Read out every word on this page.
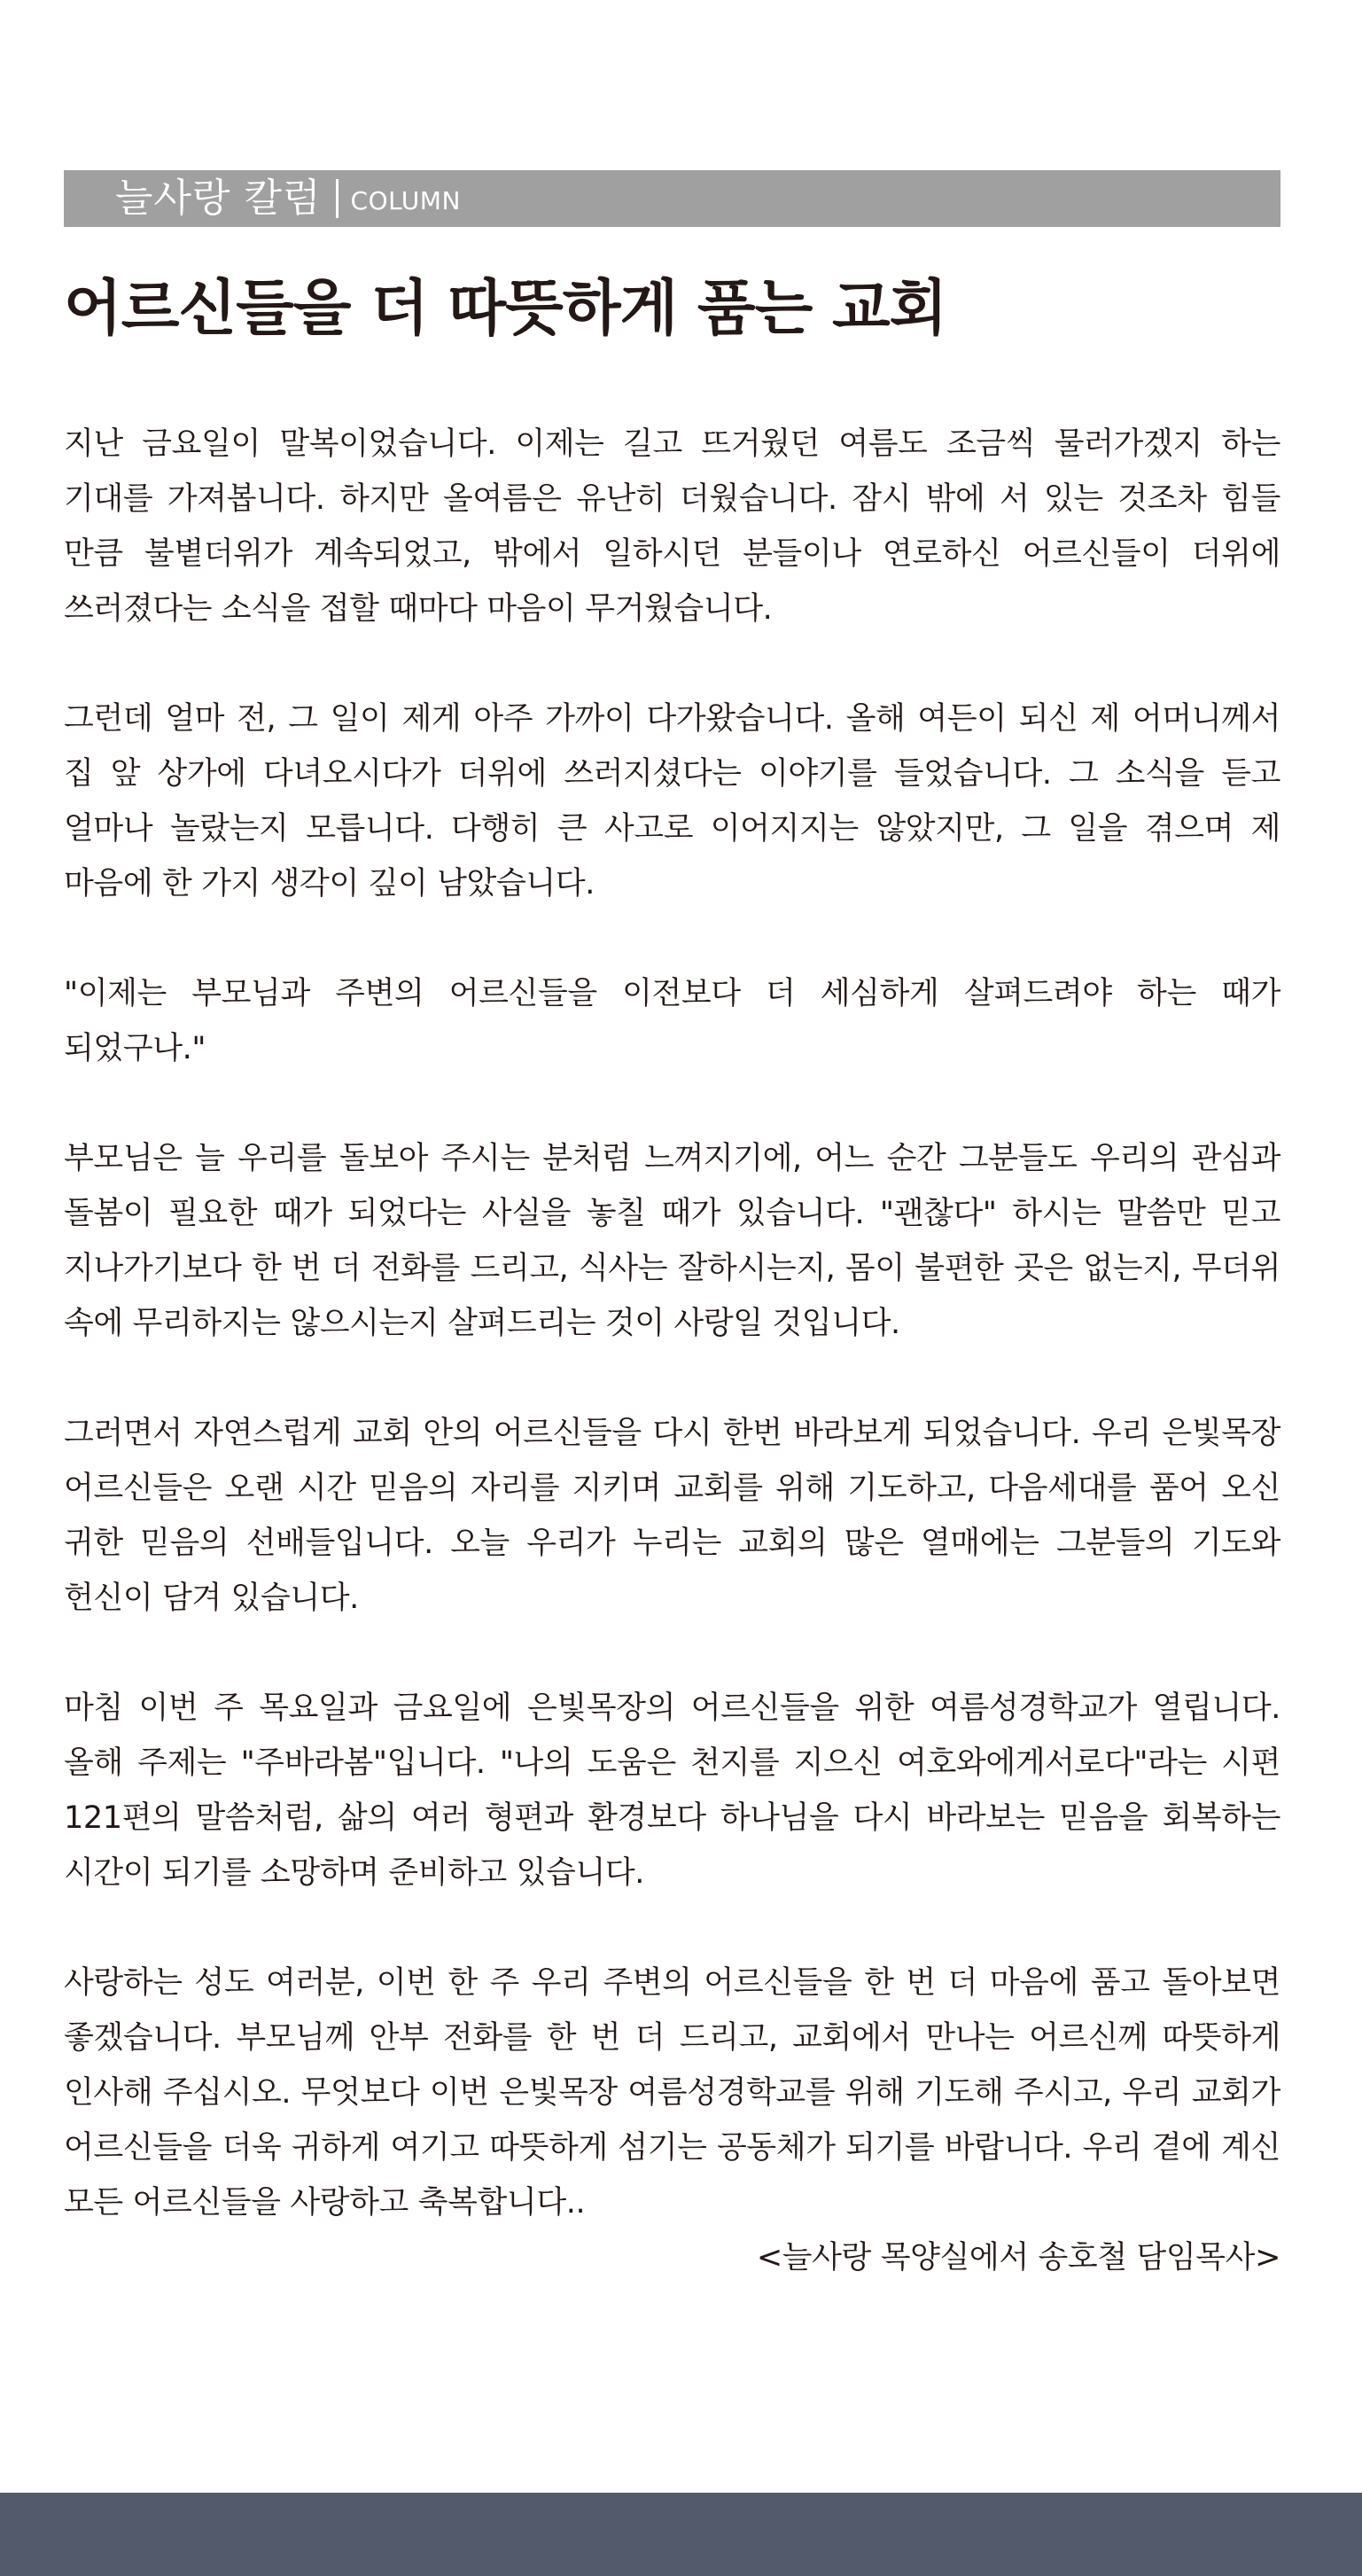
늘사랑 칼럼 COLUMN
어르신들을 더 따뜻하게 품는 교회

지난 금요일이 말복이었습니다. 이제는 길고 뜨거웠던 여름도 조금씩 물러가겠지 하는 기대를 가져봅니다. 하지만 올여름은 유난히 더웠습니다. 잠시 밖에 서 있는 것조차 힘들 만큼 불볕더위가 계속되었고, 밖에서 일하시던 분들이나 연로하신 어르신들이 더위에 쓰러졌다는 소식을 접할 때마다 마음이 무거웠습니다.

그런데 얼마 전, 그 일이 제게 아주 가까이 다가왔습니다. 올해 여든이 되신 제 어머니께서 집 앞 상가에 다녀오시다가 더위에 쓰러지셨다는 이야기를 들었습니다. 그 소식을 듣고 얼마나 놀랐는지 모릅니다. 다행히 큰 사고로 이어지지는 않았지만, 그 일을 겪으며 제 마음에 한 가지 생각이 깊이 남았습니다.

"이제는 부모님과 주변의 어르신들을 이전보다 더 세심하게 살펴드려야 하는 때가 되었구나."

부모님은 늘 우리를 돌보아 주시는 분처럼 느껴지기에, 어느 순간 그분들도 우리의 관심과 돌봄이 필요한 때가 되었다는 사실을 놓칠 때가 있습니다. "괜찮다" 하시는 말씀만 믿고 지나가기보다 한 번 더 전화를 드리고, 식사는 잘하시는지, 몸이 불편한 곳은 없는지, 무더위 속에 무리하지는 않으시는지 살펴드리는 것이 사랑일 것입니다.

그러면서 자연스럽게 교회 안의 어르신들을 다시 한번 바라보게 되었습니다. 우리 은빛목장 어르신들은 오랜 시간 믿음의 자리를 지키며 교회를 위해 기도하고, 다음세대를 품어 오신 귀한 믿음의 선배들입니다. 오늘 우리가 누리는 교회의 많은 열매에는 그분들의 기도와 헌신이 담겨 있습니다.

마침 이번 주 목요일과 금요일에 은빛목장의 어르신들을 위한 여름성경학교가 열립니다. 올해 주제는 "주바라봄"입니다. "나의 도움은 천지를 지으신 여호와에게서로다"라는 시편 121편의 말씀처럼, 삶의 여러 형편과 환경보다 하나님을 다시 바라보는 믿음을 회복하는 시간이 되기를 소망하며 준비하고 있습니다.

사랑하는 성도 여러분, 이번 한 주 우리 주변의 어르신들을 한 번 더 마음에 품고 돌아보면 좋겠습니다. 부모님께 안부 전화를 한 번 더 드리고, 교회에서 만나는 어르신께 따뜻하게 인사해 주십시오. 무엇보다 이번 은빛목장 여름성경학교를 위해 기도해 주시고, 우리 교회가 어르신들을 더욱 귀하게 여기고 따뜻하게 섬기는 공동체가 되기를 바랍니다. 우리 곁에 계신 모든 어르신들을 사랑하고 축복합니다..

<늘사랑 목양실에서 송호철 담임목사>
